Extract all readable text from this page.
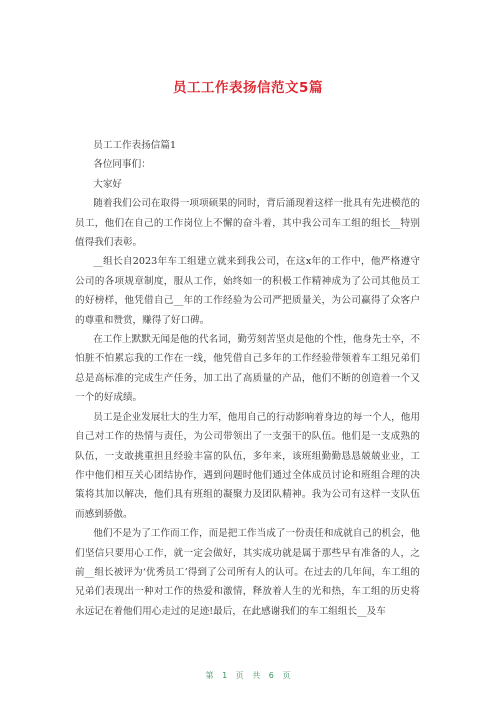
员工工作表扬信范文5篇

员工工作表扬信篇1

各位同事们：

大家好

随着我们公司在取得一项项硕果的同时，背后涌现着这样一批具有先进模范的员工，他们在自己的工作岗位上不懈的奋斗着，其中我公司车工组的组长__特别值得我们表彰。

__组长自2023年车工组建立就来到我公司，在这x年的工作中，他严格遵守公司的各项规章制度，服从工作，始终如一的积极工作精神成为了公司其他员工的好榜样，他凭借自己__年的工作经验为公司严把质量关，为公司赢得了众客户的尊重和赞赏，赚得了好口碑。

在工作上默默无闻是他的代名词，勤劳刻苦坚贞是他的个性，他身先士卒，不怕脏不怕累忘我的工作在一线，他凭借自己多年的工作经验带领着车工组兄弟们总是高标准的完成生产任务，加工出了高质量的产品，他们不断的创造着一个又一个的好成绩。

员工是企业发展壮大的生力军，他用自己的行动影响着身边的每一个人，他用自己对工作的热情与责任，为公司带领出了一支强干的队伍。他们是一支成熟的队伍，一支敢挑重担且经验丰富的队伍，多年来，该班组勤勤恳恳兢兢业业，工作中他们相互关心团结协作，遇到问题时他们通过全体成员讨论和班组合理的决策将其加以解决，他们具有班组的凝聚力及团队精神。我为公司有这样一支队伍而感到骄傲。

他们不是为了工作而工作，而是把工作当成了一份责任和成就自己的机会，他们坚信只要用心工作，就一定会做好，其实成功就是属于那些早有准备的人，之前__组长被评为‘优秀员工’得到了公司所有人的认可。在过去的几年间，车工组的兄弟们表现出一种对工作的热爱和激情，释放着人生的光和热，车工组的历史将永远记在着他们用心走过的足迹!最后，在此感谢我们的车工组组长__及车

第 1 页 共 6 页
